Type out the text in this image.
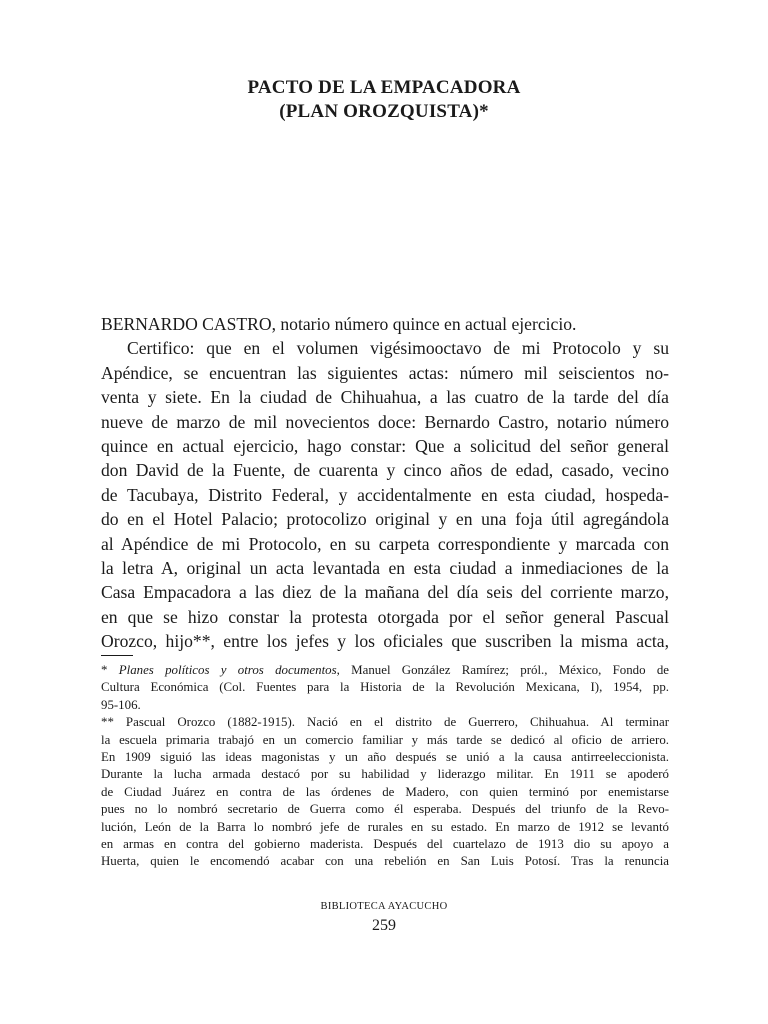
PACTO DE LA EMPACADORA
(PLAN OROZQUISTA)*
BERNARDO CASTRO, notario número quince en actual ejercicio.
Certifico: que en el volumen vigésimooctavo de mi Protocolo y su
Apéndice, se encuentran las siguientes actas: número mil seiscientos no-
venta y siete. En la ciudad de Chihuahua, a las cuatro de la tarde del día
nueve de marzo de mil novecientos doce: Bernardo Castro, notario número
quince en actual ejercicio, hago constar: Que a solicitud del señor general
don David de la Fuente, de cuarenta y cinco años de edad, casado, vecino
de Tacubaya, Distrito Federal, y accidentalmente en esta ciudad, hospeda-
do en el Hotel Palacio; protocolizo original y en una foja útil agregándola
al Apéndice de mi Protocolo, en su carpeta correspondiente y marcada con
la letra A, original un acta levantada en esta ciudad a inmediaciones de la
Casa Empacadora a las diez de la mañana del día seis del corriente marzo,
en que se hizo constar la protesta otorgada por el señor general Pascual
Orozco, hijo**, entre los jefes y los oficiales que suscriben la misma acta,
* Planes políticos y otros documentos, Manuel González Ramírez; pról., México, Fondo de
Cultura Económica (Col. Fuentes para la Historia de la Revolución Mexicana, I), 1954, pp.
95-106.
** Pascual Orozco (1882-1915). Nació en el distrito de Guerrero, Chihuahua. Al terminar
la escuela primaria trabajó en un comercio familiar y más tarde se dedicó al oficio de arriero.
En 1909 siguió las ideas magonistas y un año después se unió a la causa antirreeleccionista.
Durante la lucha armada destacó por su habilidad y liderazgo militar. En 1911 se apoderó
de Ciudad Juárez en contra de las órdenes de Madero, con quien terminó por enemistarse
pues no lo nombró secretario de Guerra como él esperaba. Después del triunfo de la Revo-
lución, León de la Barra lo nombró jefe de rurales en su estado. En marzo de 1912 se levantó
en armas en contra del gobierno maderista. Después del cuartelazo de 1913 dio su apoyo a
Huerta, quien le encomendó acabar con una rebelión en San Luis Potosí. Tras la renuncia
BIBLIOTECA AYACUCHO
259
